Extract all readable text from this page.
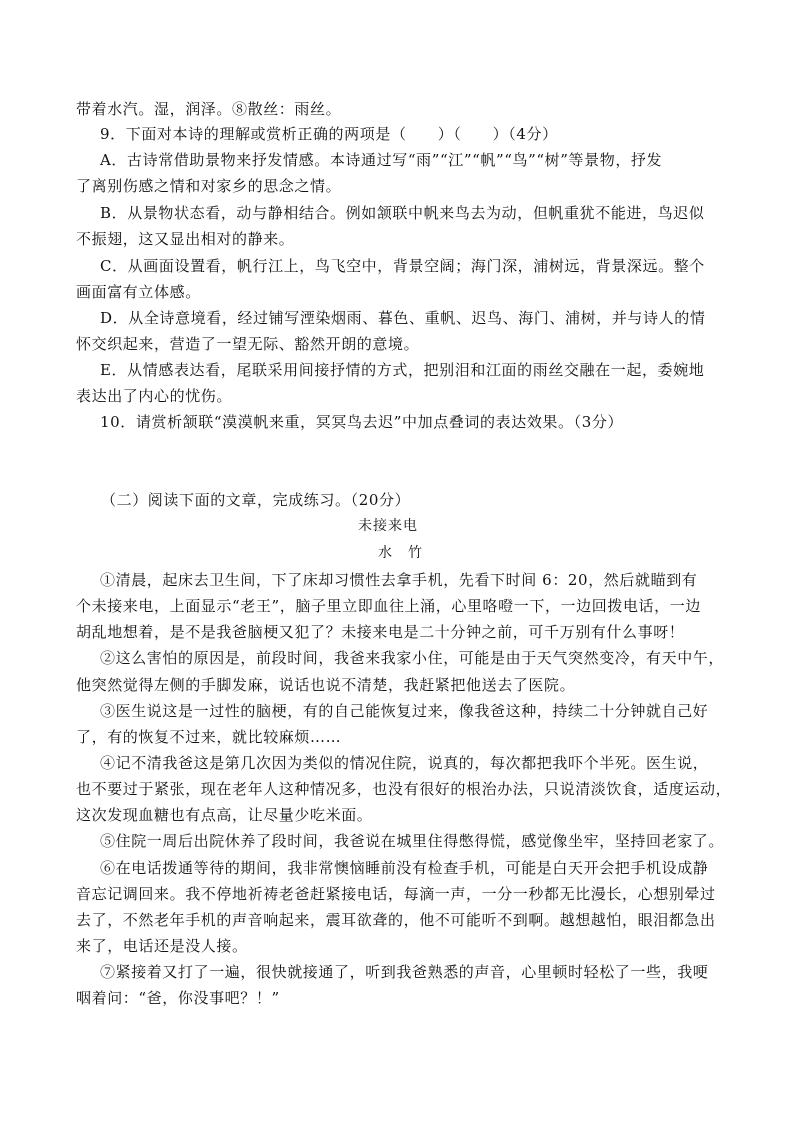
带着水汽。湿，润泽。⑧散丝：雨丝。
9．下面对本诗的理解或赏析正确的两项是（　　）（　　）（4分）
A．古诗常借助景物来抒发情感。本诗通过写“雨”“江”“帆”“鸟”“树”等景物，抒发
了离别伤感之情和对家乡的思念之情。
B．从景物状态看，动与静相结合。例如颔联中帆来鸟去为动，但帆重犹不能进，鸟迟似
不振翅，这又显出相对的静来。
C．从画面设置看，帆行江上，鸟飞空中，背景空阔；海门深，浦树远，背景深远。整个
画面富有立体感。
D．从全诗意境看，经过铺写湮染烟雨、暮色、重帆、迟鸟、海门、浦树，并与诗人的情
怀交织起来，营造了一望无际、豁然开朗的意境。
E．从情感表达看，尾联采用间接抒情的方式，把别泪和江面的雨丝交融在一起，委婉地
表达出了内心的忧伤。
10．请赏析颔联“漠漠帆来重，冥冥鸟去迟”中加点叠词的表达效果。（3分）
（二）阅读下面的文章，完成练习。（20分）
未接来电
水　竹
①清晨，起床去卫生间，下了床却习惯性去拿手机，先看下时间 6：20，然后就瞄到有
个未接来电，上面显示“老王”，脑子里立即血往上涌，心里咯噔一下，一边回拨电话，一边
胡乱地想着，是不是我爸脑梗又犯了？未接来电是二十分钟之前，可千万别有什么事呀！
②这么害怕的原因是，前段时间，我爸来我家小住，可能是由于天气突然变冷，有天中午，
他突然觉得左侧的手脚发麻，说话也说不清楚，我赶紧把他送去了医院。
③医生说这是一过性的脑梗，有的自己能恢复过来，像我爸这种，持续二十分钟就自己好
了，有的恢复不过来，就比较麻烦……
④记不清我爸这是第几次因为类似的情况住院，说真的，每次都把我吓个半死。医生说，
也不要过于紧张，现在老年人这种情况多，也没有很好的根治办法，只说清淡饮食，适度运动，
这次发现血糖也有点高，让尽量少吃米面。
⑤住院一周后出院休养了段时间，我爸说在城里住得憋得慌，感觉像坐牢，坚持回老家了。
⑥在电话拨通等待的期间，我非常懊恼睡前没有检查手机，可能是白天开会把手机设成静
音忘记调回来。我不停地祈祷老爸赶紧接电话，每滴一声，一分一秒都无比漫长，心想别晕过
去了，不然老年手机的声音响起来，震耳欲聋的，他不可能听不到啊。越想越怕，眼泪都急出
来了，电话还是没人接。
⑦紧接着又打了一遍，很快就接通了，听到我爸熟悉的声音，心里顿时轻松了一些，我哽
咽着问：“爸，你没事吧？！”
